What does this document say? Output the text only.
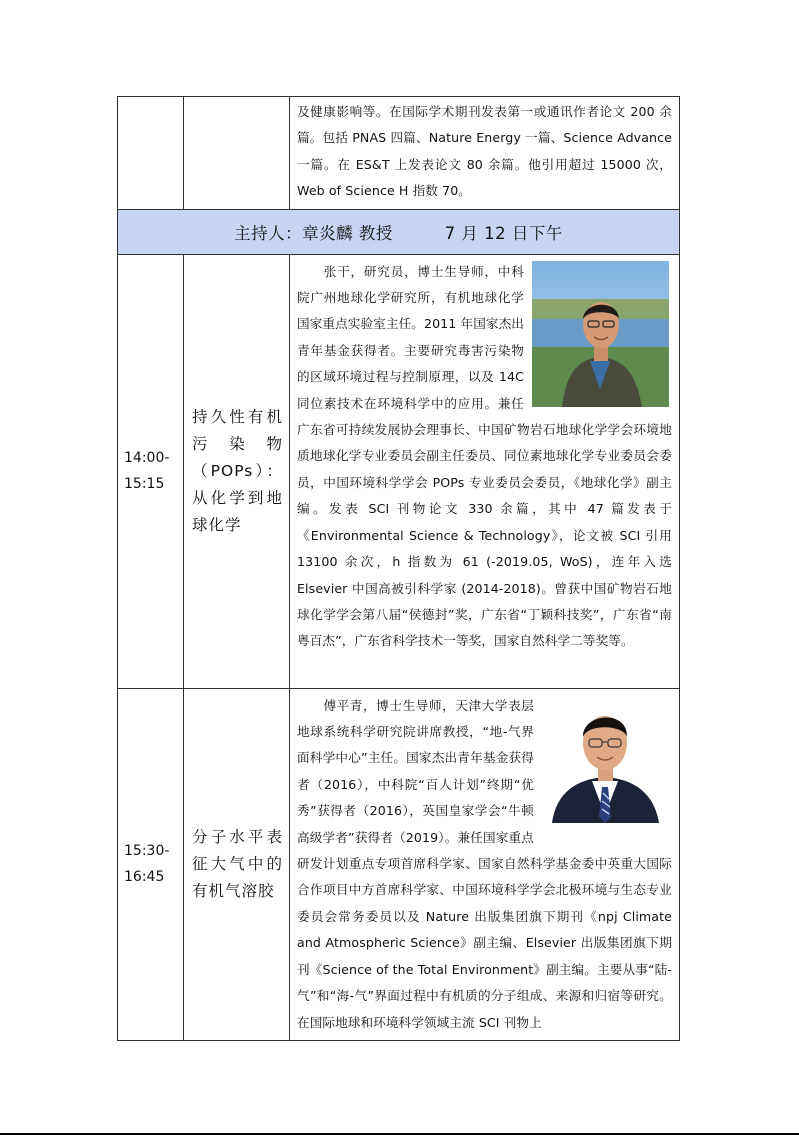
		及健康影响等。在国际学术期刊发表第一或通讯作者论文 200 余篇。包括 PNAS 四篇、Nature Energy 一篇、Science Advance 一篇。在 ES&T 上发表论文 80 余篇。他引用超过 15000 次，Web of Science H 指数 70。

主持人：章炎麟 教授         7 月 12 日下午		

14:00-
15:15	持久性有机污染物（POPs）：从化学到地球化学	张干，研究员，博士生导师，中科院广州地球化学研究所，有机地球化学国家重点实验室主任。2011 年国家杰出青年基金获得者。主要研究毒害污染物的区域环境过程与控制原理，以及 14C 同位素技术在环境科学中的应用。兼任广东省可持续发展协会理事长、中国矿物岩石地球化学学会环境地质地球化学专业委员会副主任委员、同位素地球化学专业委员会委员，中国环境科学学会 POPs 专业委员会委员，《地球化学》副主编。发表 SCI 刊物论文 330 余篇，其中 47 篇发表于《Environmental Science & Technology》，论文被 SCI 引用 13100 余次，h 指数为 61 (-2019.05, WoS)，连年入选 Elsevier 中国高被引科学家 (2014-2018)。曾获中国矿物岩石地球化学学会第八届“侯德封”奖，广东省“丁颖科技奖”，广东省“南粤百杰”，广东省科学技术一等奖，国家自然科学二等奖等。

15:30-
16:45	分子水平表征大气中的有机气溶胶	傅平青，博士生导师，天津大学表层地球系统科学研究院讲席教授，“地-气界面科学中心”主任。国家杰出青年基金获得者（2016），中科院“百人计划”终期“优秀”获得者（2016），英国皇家学会“牛顿高级学者”获得者（2019）。兼任国家重点研发计划重点专项首席科学家、国家自然科学基金委中英重大国际合作项目中方首席科学家、中国环境科学学会北极环境与生态专业委员会常务委员以及 Nature 出版集团旗下期刊《npj Climate and Atmospheric Science》副主编、Elsevier 出版集团旗下期刊《Science of the Total Environment》副主编。主要从事“陆-气”和“海-气”界面过程中有机质的分子组成、来源和归宿等研究。在国际地球和环境科学领域主流 SCI 刊物上
